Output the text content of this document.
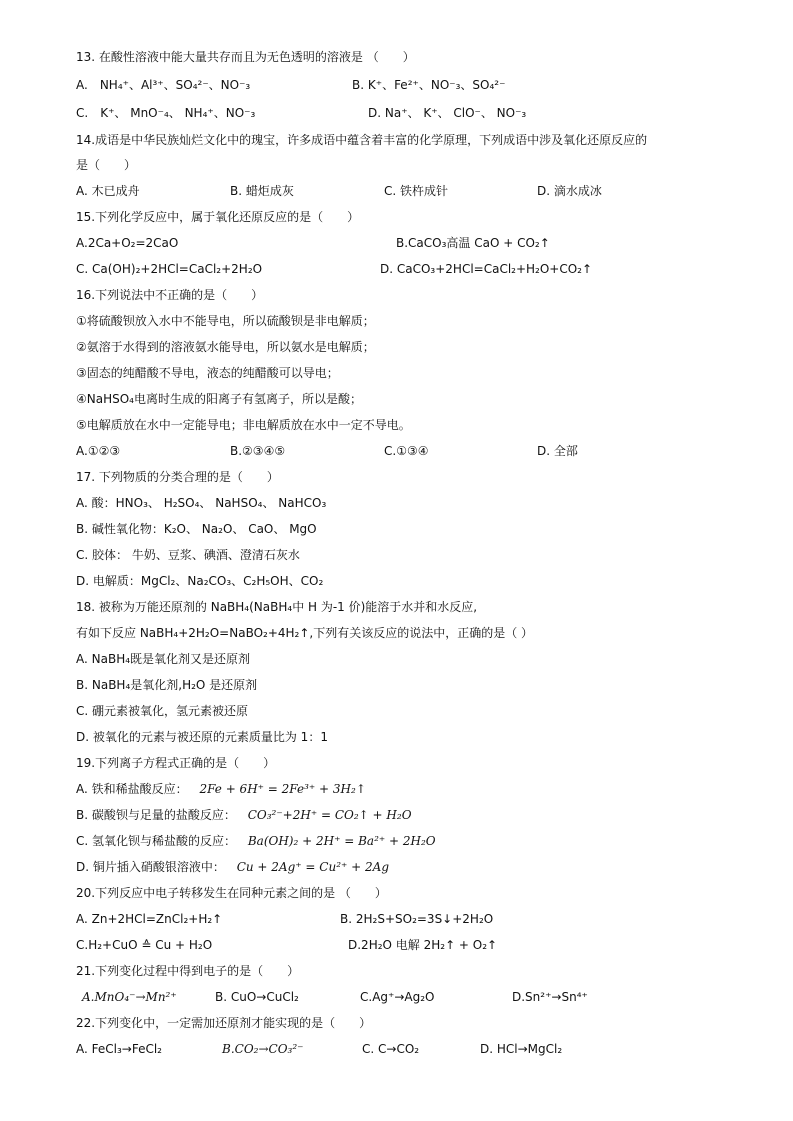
13. 在酸性溶液中能大量共存而且为无色透明的溶液是 （　　）
A.　NH₄⁺、Al³⁺、SO₄²⁻、NO⁻₃	B. K⁺、Fe²⁺、NO⁻₃、SO₄²⁻
C.　K⁺、 MnO⁻₄、 NH₄⁺、NO⁻₃	D. Na⁺、 K⁺、 ClO⁻、 NO⁻₃
14.成语是中华民族灿烂文化中的瑰宝，许多成语中蕴含着丰富的化学原理，下列成语中涉及氧化还原反应的
是（　　）
A. 木已成舟	B. 蜡炬成灰	C. 铁杵成针	D. 滴水成冰
15.下列化学反应中，属于氧化还原反应的是（　　）
A.2Ca+O₂=2CaO	B.CaCO₃高温 CaO + CO₂↑
C. Ca(OH)₂+2HCl=CaCl₂+2H₂O	D. CaCO₃+2HCl=CaCl₂+H₂O+CO₂↑
16.下列说法中不正确的是（　　）
①将硫酸钡放入水中不能导电，所以硫酸钡是非电解质；
②氨溶于水得到的溶液氨水能导电，所以氨水是电解质；
③固态的纯醋酸不导电，液态的纯醋酸可以导电；
④NaHSO₄电离时生成的阳离子有氢离子，所以是酸；
⑤电解质放在水中一定能导电；非电解质放在水中一定不导电。
A.①②③	B.②③④⑤	C.①③④	D. 全部
17. 下列物质的分类合理的是（　　）
A. 酸：HNO₃、 H₂SO₄、 NaHSO₄、 NaHCO₃
B. 碱性氧化物：K₂O、 Na₂O、 CaO、 MgO
C. 胶体： 牛奶、豆浆、碘酒、澄清石灰水
D. 电解质：MgCl₂、Na₂CO₃、C₂H₅OH、CO₂
18. 被称为万能还原剂的 NaBH₄(NaBH₄中 H 为-1 价)能溶于水并和水反应,
有如下反应 NaBH₄+2H₂O=NaBO₂+4H₂↑,下列有关该反应的说法中，正确的是（ ）
A. NaBH₄既是氧化剂又是还原剂
B. NaBH₄是氧化剂,H₂O 是还原剂
C. 硼元素被氧化，氢元素被还原
D. 被氧化的元素与被还原的元素质量比为 1：1
19.下列离子方程式正确的是（　　）
A. 铁和稀盐酸反应： 2Fe + 6H⁺ = 2Fe³⁺ + 3H₂↑
B. 碳酸钡与足量的盐酸反应： CO₃²⁻+2H⁺ = CO₂↑ + H₂O
C. 氢氧化钡与稀盐酸的反应： Ba(OH)₂ + 2H⁺ = Ba²⁺ + 2H₂O
D. 铜片插入硝酸银溶液中： Cu + 2Ag⁺ = Cu²⁺ + 2Ag
20.下列反应中电子转移发生在同种元素之间的是 （　　）
A. Zn+2HCl=ZnCl₂+H₂↑	B. 2H₂S+SO₂=3S↓+2H₂O
C.H₂+CuO ≙ Cu + H₂O	D.2H₂O 电解 2H₂↑ + O₂↑
21.下列变化过程中得到电子的是（　　）
A.MnO₄⁻→Mn²⁺	B. CuO→CuCl₂	C.Ag⁺→Ag₂O	D.Sn²⁺→Sn⁴⁺
22.下列变化中，一定需加还原剂才能实现的是（　　）
A. FeCl₃→FeCl₂	B.CO₂→CO₃²⁻	C. C→CO₂	D. HCl→MgCl₂
